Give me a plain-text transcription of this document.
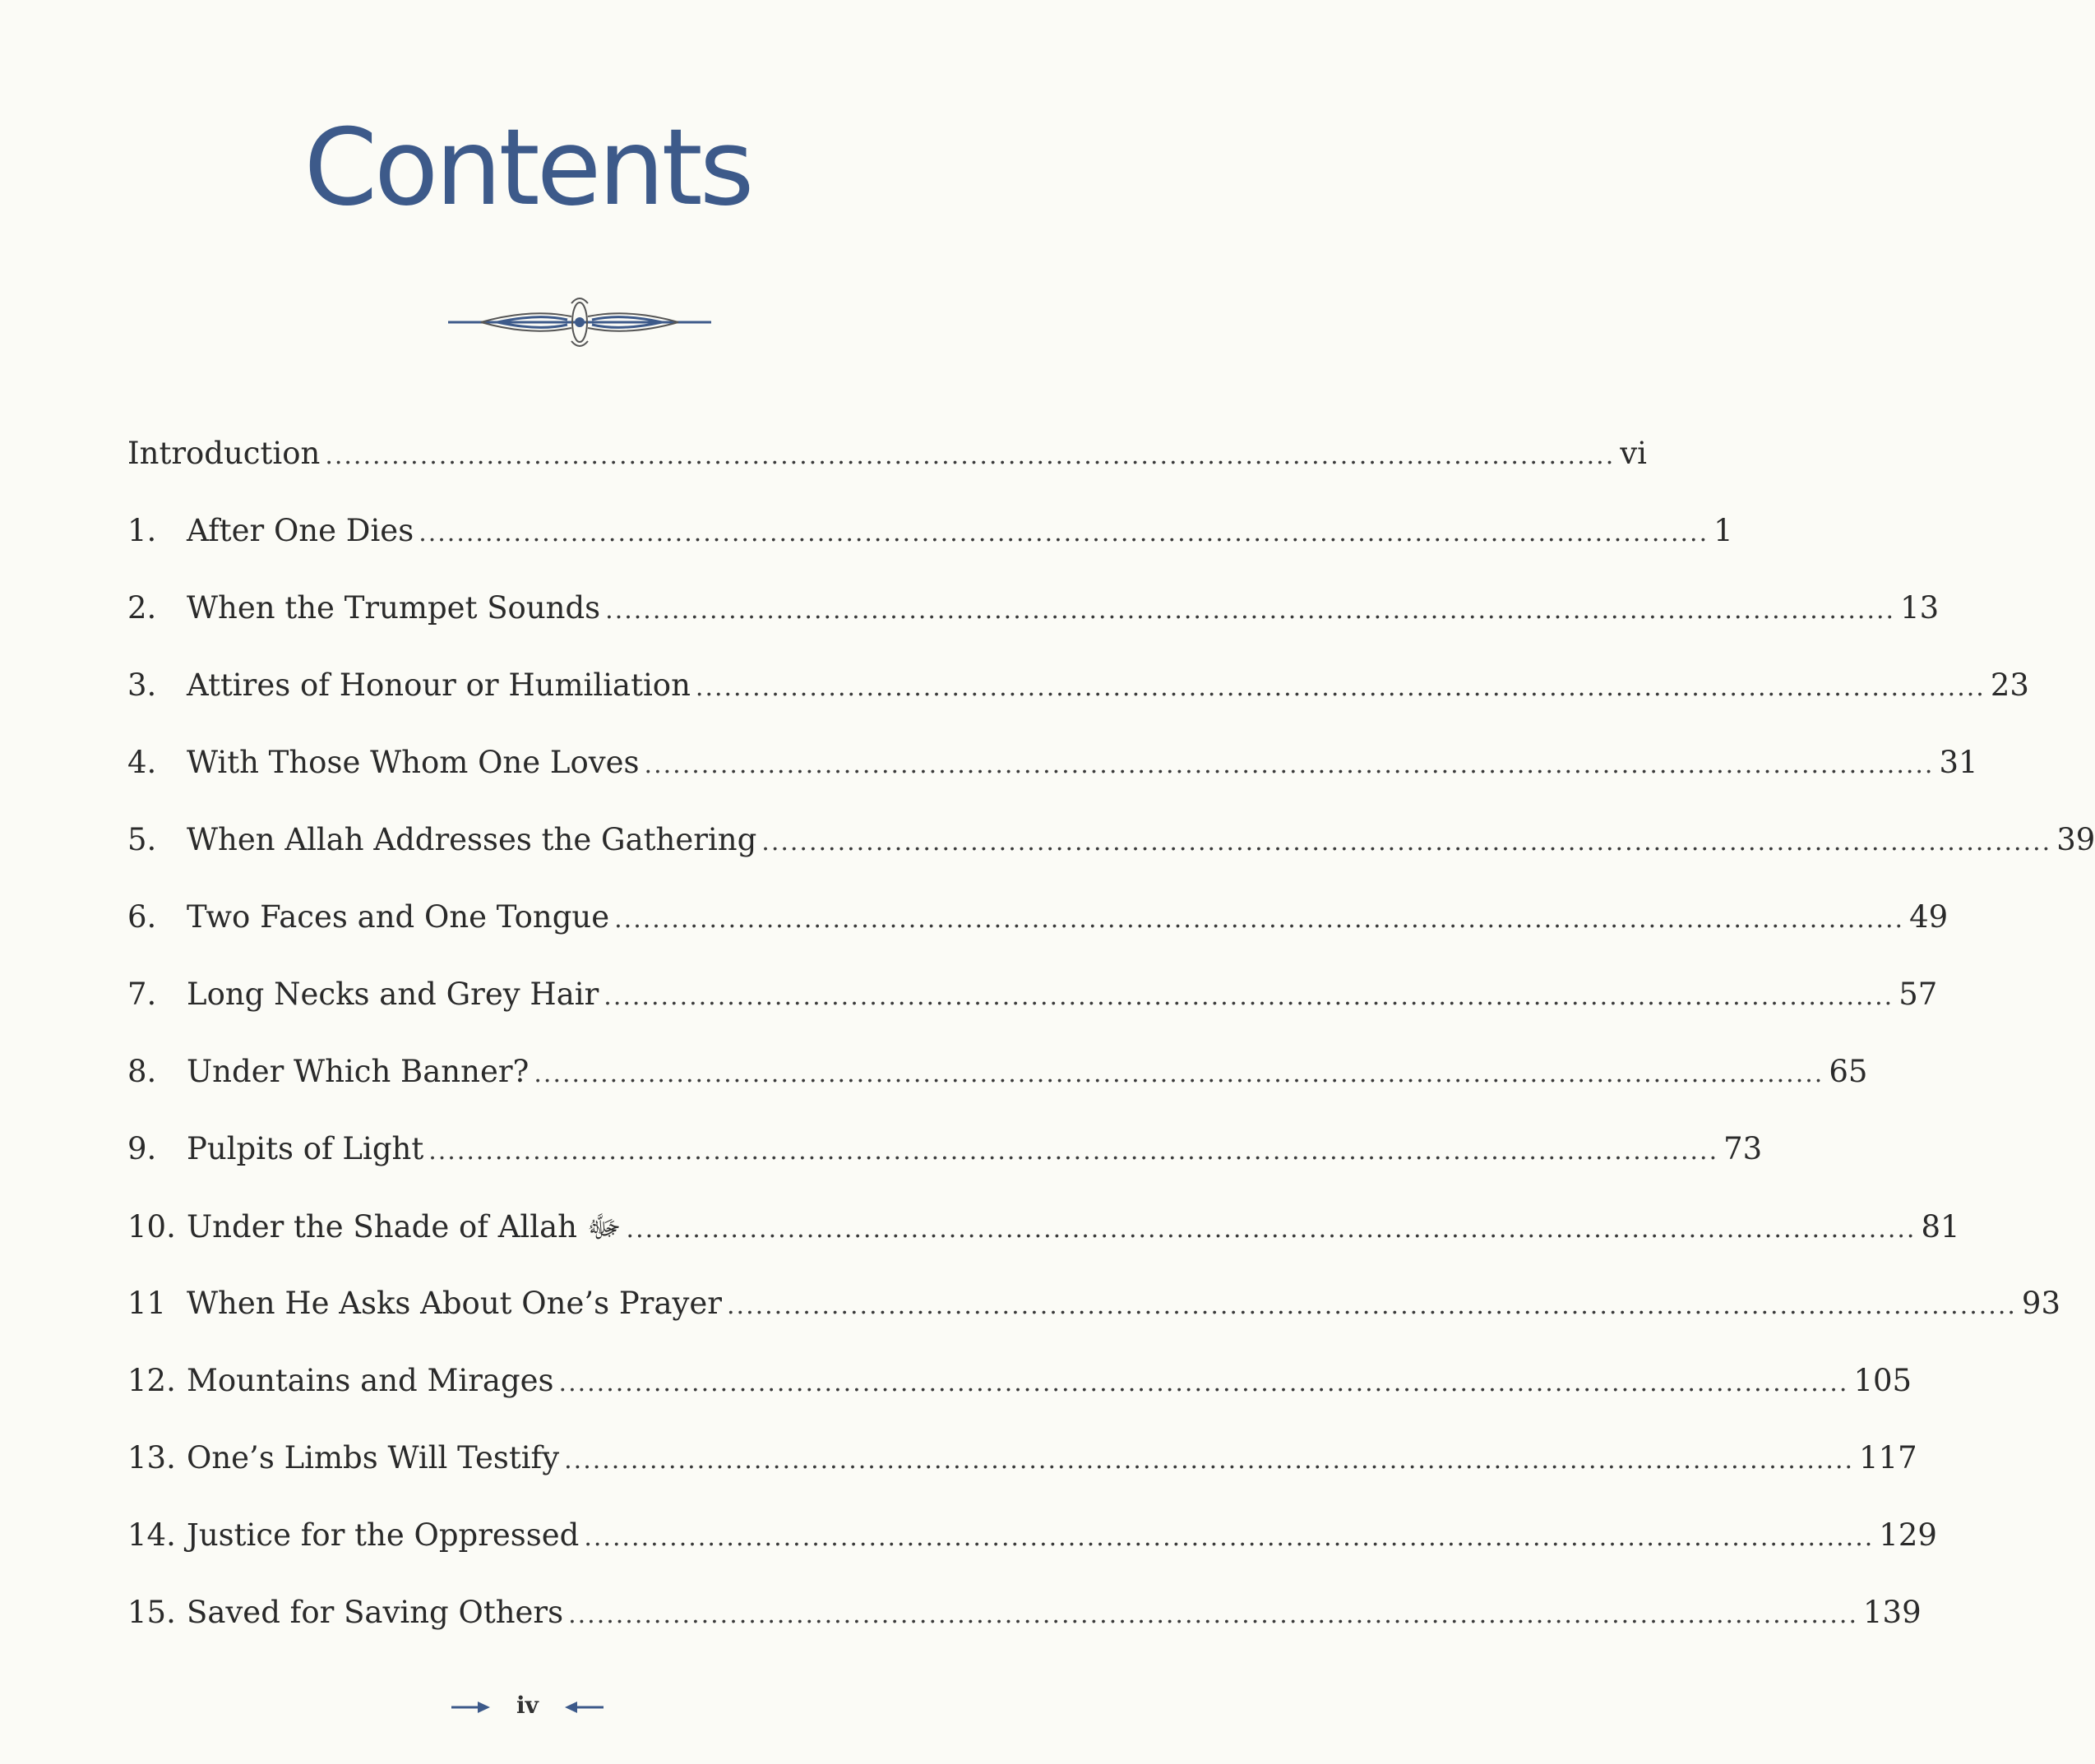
Contents
Introduction ........................................................................................................................................ vi
1. After One Dies ........................................................................................................................................ 1
2. When the Trumpet Sounds ........................................................................................................................................ 13
3. Attires of Honour or Humiliation ........................................................................................................................................ 23
4. With Those Whom One Loves ........................................................................................................................................ 31
5. When Allah Addresses the Gathering ........................................................................................................................................ 39
6. Two Faces and One Tongue ........................................................................................................................................ 49
7. Long Necks and Grey Hair ........................................................................................................................................ 57
8. Under Which Banner? ........................................................................................................................................ 65
9. Pulpits of Light ........................................................................................................................................ 73
10. Under the Shade of Allah ﷻ ........................................................................................................................................ 81
11 When He Asks About One’s Prayer ........................................................................................................................................ 93
12. Mountains and Mirages ........................................................................................................................................ 105
13. One’s Limbs Will Testify ........................................................................................................................................ 117
14. Justice for the Oppressed ........................................................................................................................................ 129
15. Saved for Saving Others ........................................................................................................................................ 139
iv
